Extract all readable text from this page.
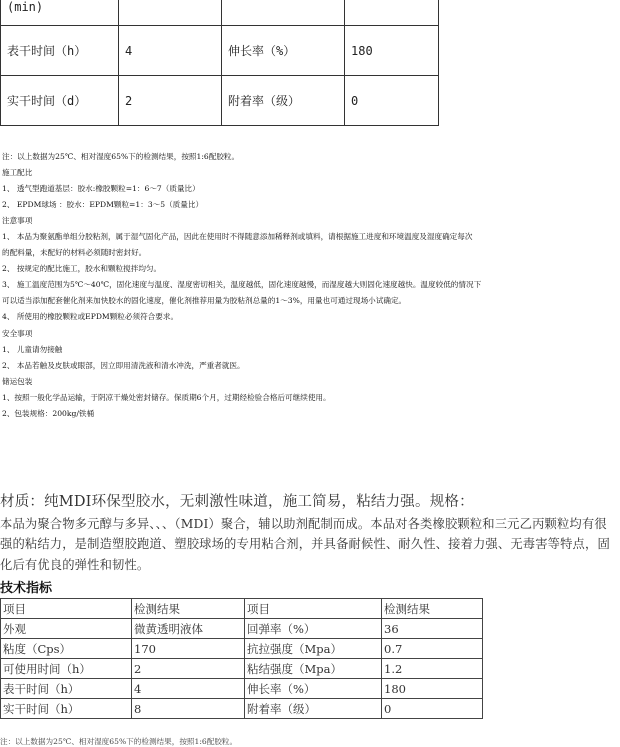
(min)			
表干时间（h）	4	伸长率（%）	180
实干时间（d）	2	附着率（级）	0
注：以上数据为25℃、相对湿度65%下的检测结果，按照1:6配胶粒。
施工配比
1、 透气型跑道基层：胶水:橡胶颗粒=1：6～7（质量比）
2、 EPDM球场 ：胶水：EPDM颗粒=1：3～5（质量比）
注意事项
1、 本品为聚氨酯单组分胶粘剂，属于湿气固化产品，因此在使用时不得随意添加稀释剂或填料，请根据施工进度和环境温度及湿度确定每次
的配料量，未配好的材料必须随时密封好。
2、 按规定的配比施工，胶水和颗粒搅拌均匀。
3、 施工温度范围为5℃～40℃，固化速度与温度、湿度密切相关，温度越低，固化速度越慢，而湿度越大则固化速度越快。温度较低的情况下
可以适当添加配套催化剂来加快胶水的固化速度，催化剂推荐用量为胶粘剂总量的1～3%，用量也可通过现场小试确定。
4、 所使用的橡胶颗粒或EPDM颗粒必须符合要求。
安全事项
1、 儿童请勿接触
2、 本品若触及皮肤或眼部，因立即用清洗液和清水冲洗，严重者就医。
储运包装
1、按照一般化学品运输，于阴凉干燥处密封储存。保质期6个月，过期经检验合格后可继续使用。
2、包装规格：200kg/铁桶
材质：纯MDI环保型胶水，无刺激性味道，施工简易，粘结力强。规格：
本品为聚合物多元醇与多异、、、（MDI）聚合，辅以助剂配制而成。本品对各类橡胶颗粒和三元乙丙颗粒均有很强的粘结力，是制造塑胶跑道、塑胶球场的专用粘合剂，并具备耐候性、耐久性、接着力强、无毒害等特点，固化后有优良的弹性和韧性。
技术指标
项目	检测结果	项目	检测结果
外观	微黄透明液体	回弹率（%）	36
粘度（Cps）	170	抗拉强度（Mpa）	0.7
可使用时间（h）	2	粘结强度（Mpa）	1.2
表干时间（h）	4	伸长率（%）	180
实干时间（h）	8	附着率（级）	0
注：以上数据为25℃、相对湿度65%下的检测结果，按照1:6配胶粒。
